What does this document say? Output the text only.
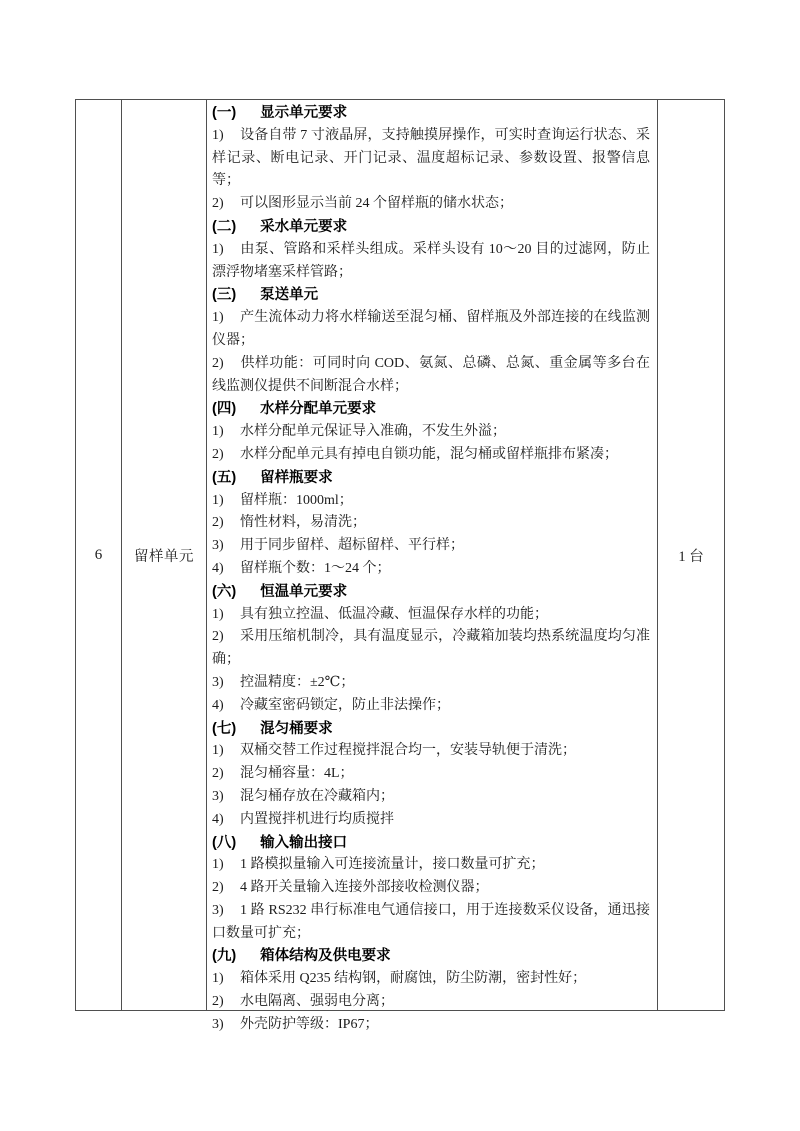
6 留样单元
(一) 显示单元要求
1) 设备自带 7 寸液晶屏，支持触摸屏操作，可实时查询运行状态、采样记录、断电记录、开门记录、温度超标记录、参数设置、报警信息等；
2) 可以图形显示当前 24 个留样瓶的储水状态；
(二) 采水单元要求
1) 由泵、管路和采样头组成。采样头设有 10～20 目的过滤网，防止漂浮物堵塞采样管路；
(三) 泵送单元
1) 产生流体动力将水样输送至混匀桶、留样瓶及外部连接的在线监测仪器；
2) 供样功能：可同时向 COD、氨氮、总磷、总氮、重金属等多台在线监测仪提供不间断混合水样；
(四) 水样分配单元要求
1) 水样分配单元保证导入准确，不发生外溢；
2) 水样分配单元具有掉电自锁功能，混匀桶或留样瓶排布紧凑；
(五) 留样瓶要求
1) 留样瓶：1000ml；
2) 惰性材料，易清洗；
3) 用于同步留样、超标留样、平行样；
4) 留样瓶个数：1～24 个；
(六) 恒温单元要求
1) 具有独立控温、低温冷藏、恒温保存水样的功能；
2) 采用压缩机制冷，具有温度显示，冷藏箱加装均热系统温度均匀准确；
3) 控温精度：±2℃；
4) 冷藏室密码锁定，防止非法操作；
(七) 混匀桶要求
1) 双桶交替工作过程搅拌混合均一，安装导轨便于清洗；
2) 混匀桶容量：4L；
3) 混匀桶存放在冷藏箱内；
4) 内置搅拌机进行均质搅拌
(八) 输入输出接口
1) 1 路模拟量输入可连接流量计，接口数量可扩充；
2) 4 路开关量输入连接外部接收检测仪器；
3) 1 路 RS232 串行标准电气通信接口，用于连接数采仪设备，通迅接口数量可扩充；
(九) 箱体结构及供电要求
1) 箱体采用 Q235 结构钢，耐腐蚀，防尘防潮，密封性好；
2) 水电隔离、强弱电分离；
3) 外壳防护等级：IP67；
1 台
